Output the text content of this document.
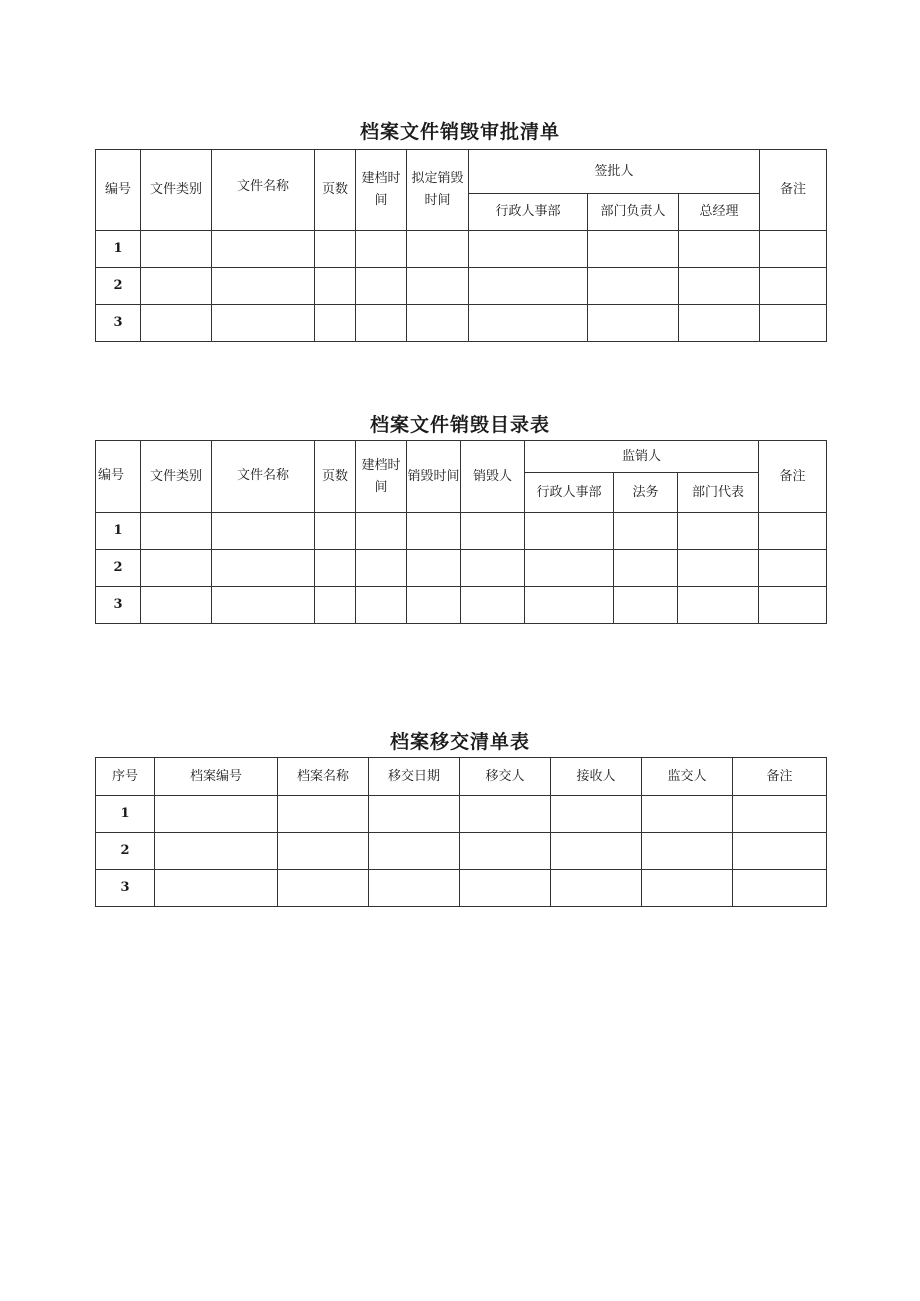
档案文件销毁审批清单
编号	文件类别	文件名称	页数	建档时间	拟定销毁时间	签批人			备注
						行政人事部	部门负责人	总经理	
1									
2									
3									
档案文件销毁目录表
编号	文件类别	文件名称	页数	建档时间	销毁时间	销毁人	监销人			备注
							行政人事部	法务	部门代表	
1										
2										
3										
档案移交清单表
序号	档案编号	档案名称	移交日期	移交人	接收人	监交人	备注
1							
2							
3							
